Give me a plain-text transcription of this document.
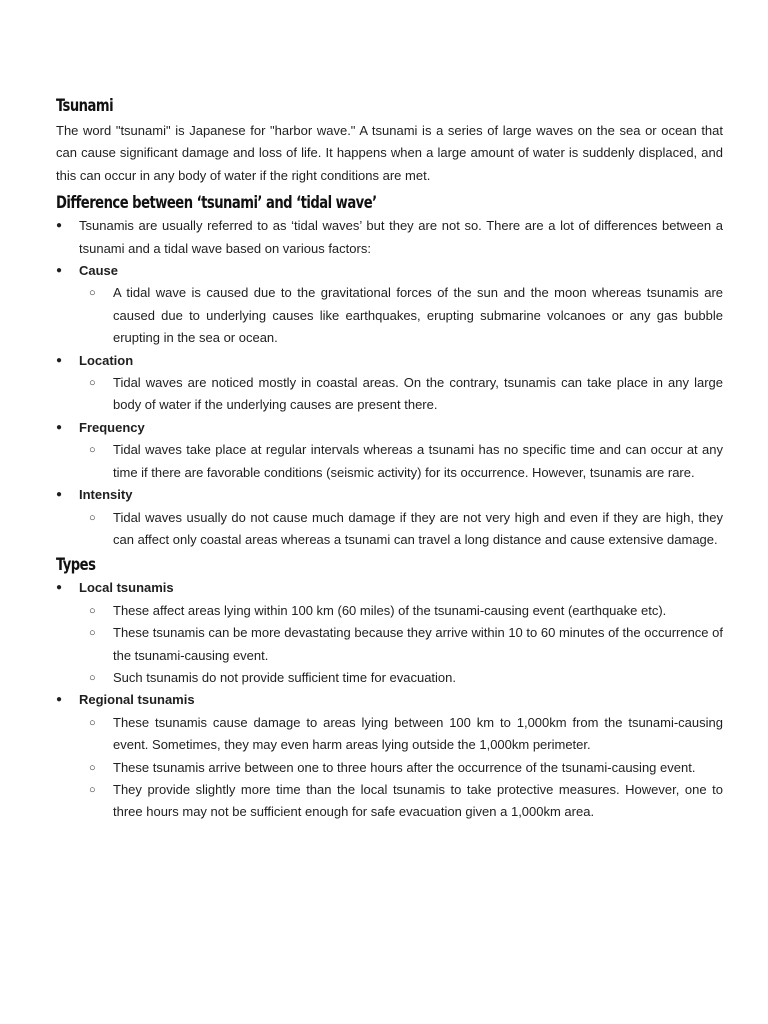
Tsunami

The word "tsunami" is Japanese for "harbor wave." A tsunami is a series of large waves on the sea or ocean that can cause significant damage and loss of life. It happens when a large amount of water is suddenly displaced, and this can occur in any body of water if the right conditions are met.

Difference between ‘tsunami’ and ‘tidal wave’
●	Tsunamis are usually referred to as ‘tidal waves’ but they are not so. There are a lot of differences between a tsunami and a tidal wave based on various factors:
●	Cause
○ A tidal wave is caused due to the gravitational forces of the sun and the moon whereas tsunamis are caused due to underlying causes like earthquakes, erupting submarine volcanoes or any gas bubble erupting in the sea or ocean.
●	Location
○ Tidal waves are noticed mostly in coastal areas. On the contrary, tsunamis can take place in any large body of water if the underlying causes are present there.
●	Frequency
○ Tidal waves take place at regular intervals whereas a tsunami has no specific time and can occur at any time if there are favorable conditions (seismic activity) for its occurrence. However, tsunamis are rare.
●	Intensity
○ Tidal waves usually do not cause much damage if they are not very high and even if they are high, they can affect only coastal areas whereas a tsunami can travel a long distance and cause extensive damage.
Types
●	Local tsunamis
○ These affect areas lying within 100 km (60 miles) of the tsunami-causing event (earthquake etc).
○ These tsunamis can be more devastating because they arrive within 10 to 60 minutes of the occurrence of the tsunami-causing event.
○ Such tsunamis do not provide sufficient time for evacuation.
●	Regional tsunamis
○ These tsunamis cause damage to areas lying between 100 km to 1,000km from the tsunami-causing event. Sometimes, they may even harm areas lying outside the 1,000km perimeter.
○ These tsunamis arrive between one to three hours after the occurrence of the tsunami-causing event.
○ They provide slightly more time than the local tsunamis to take protective measures. However, one to three hours may not be sufficient enough for safe evacuation given a 1,000km area.
